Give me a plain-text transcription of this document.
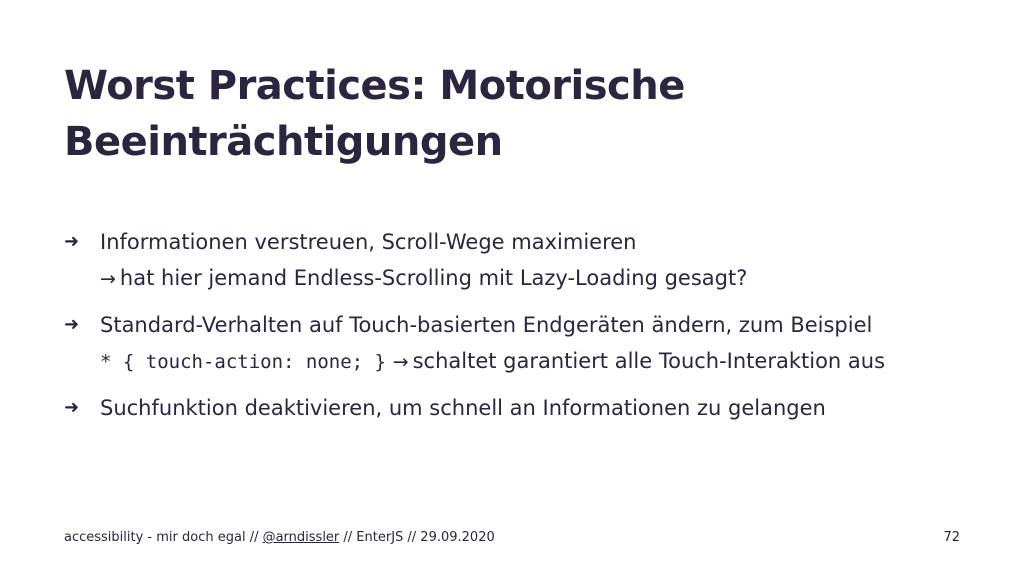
Worst Practices: Motorische
Beeinträchtigungen
➜ Informationen verstreuen, Scroll-Wege maximieren
→ hat hier jemand Endless-Scrolling mit Lazy-Loading gesagt?
➜ Standard-Verhalten auf Touch-basierten Endgeräten ändern, zum Beispiel
* { touch-action: none; } → schaltet garantiert alle Touch-Interaktion aus
➜ Suchfunktion deaktivieren, um schnell an Informationen zu gelangen
accessibility - mir doch egal // @arndissler // EnterJS // 29.09.2020	72
